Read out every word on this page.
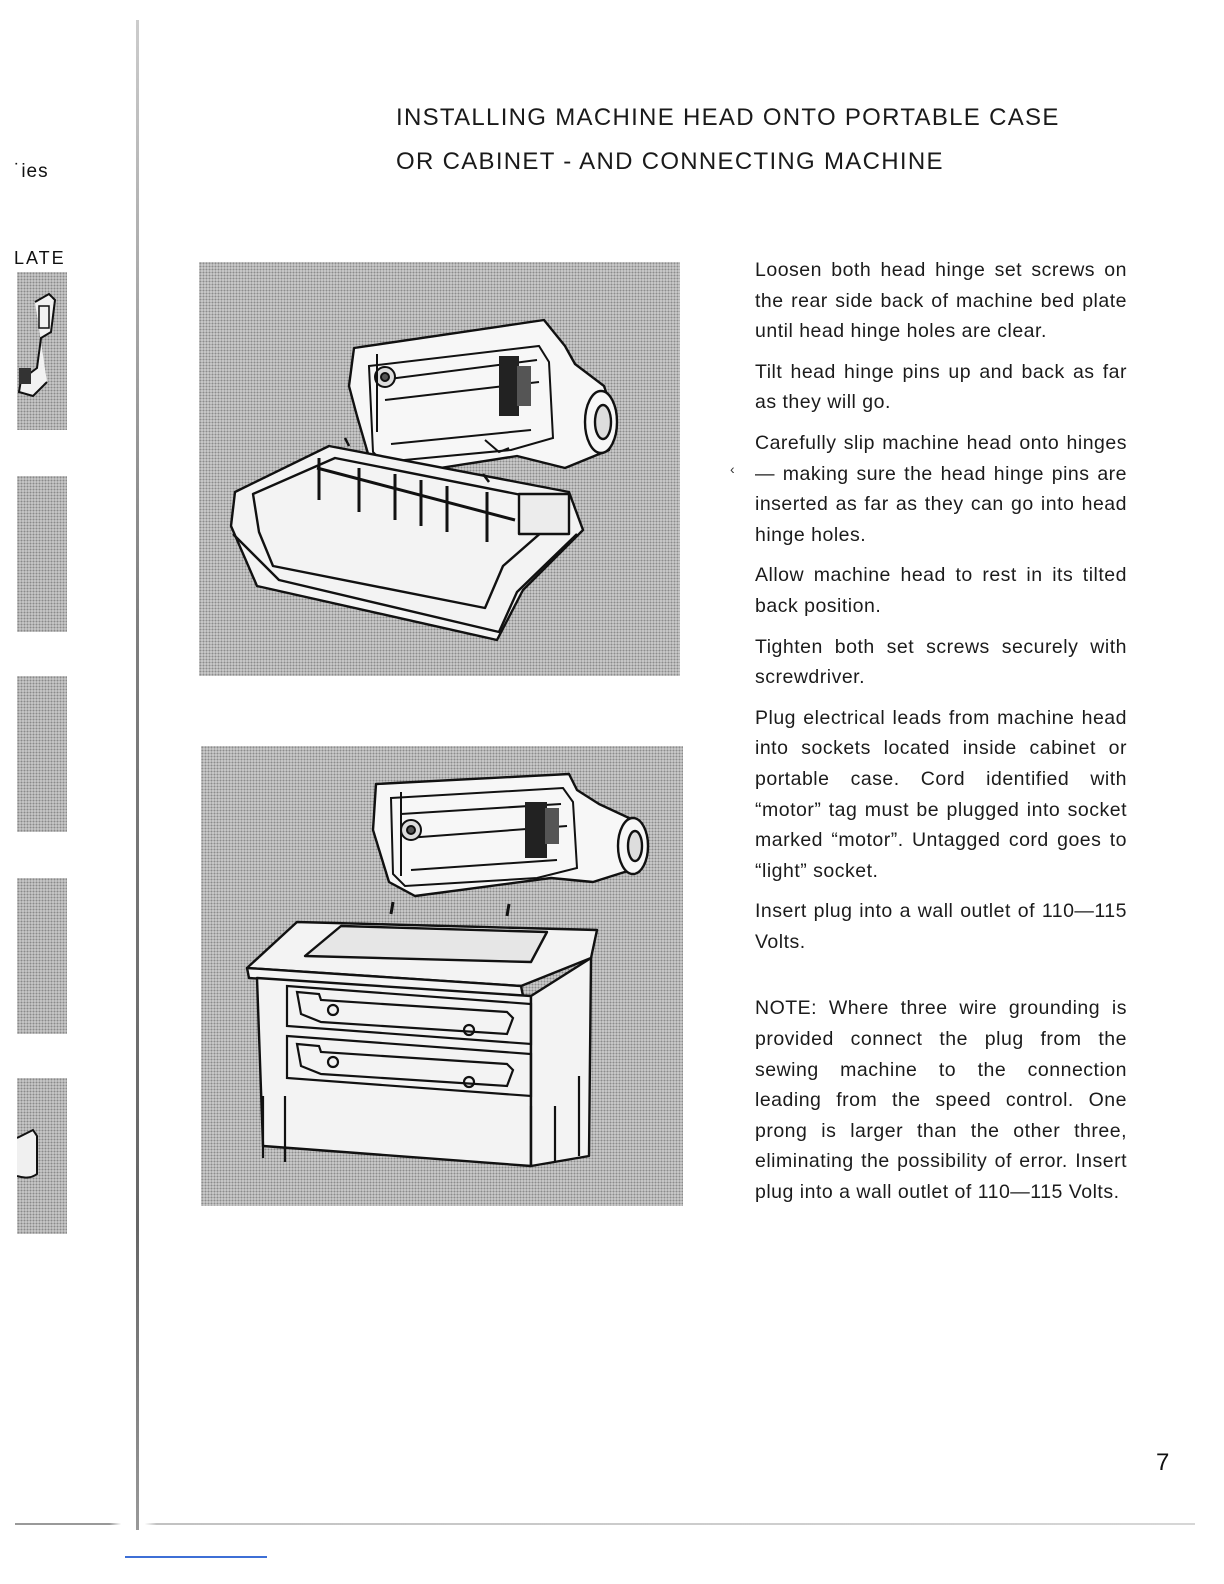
˙ies
LATE
INSTALLING MACHINE HEAD ONTO PORTABLE CASE
OR CABINET - AND CONNECTING MACHINE
‹

Loosen both head hinge set screws on the rear side back of machine bed plate until head hinge holes are clear.

Tilt head hinge pins up and back as far as they will go.

Carefully slip machine head onto hinges — making sure the head hinge pins are inserted as far as they can go into head hinge holes.

Allow machine head to rest in its tilted back position.

Tighten both set screws securely with screwdriver.

Plug electrical leads from machine head into sockets located inside cabinet or portable case. Cord identified with “motor” tag must be plugged into socket marked “motor”. Untagged cord goes to “light” socket.

Insert plug into a wall outlet of 110—115 Volts.

NOTE: Where three wire grounding is provided connect the plug from the sewing machine to the connection leading from the speed control. One prong is larger than the other three, eliminating the possibility of error. Insert plug into a wall outlet of 110—115 Volts.

7
